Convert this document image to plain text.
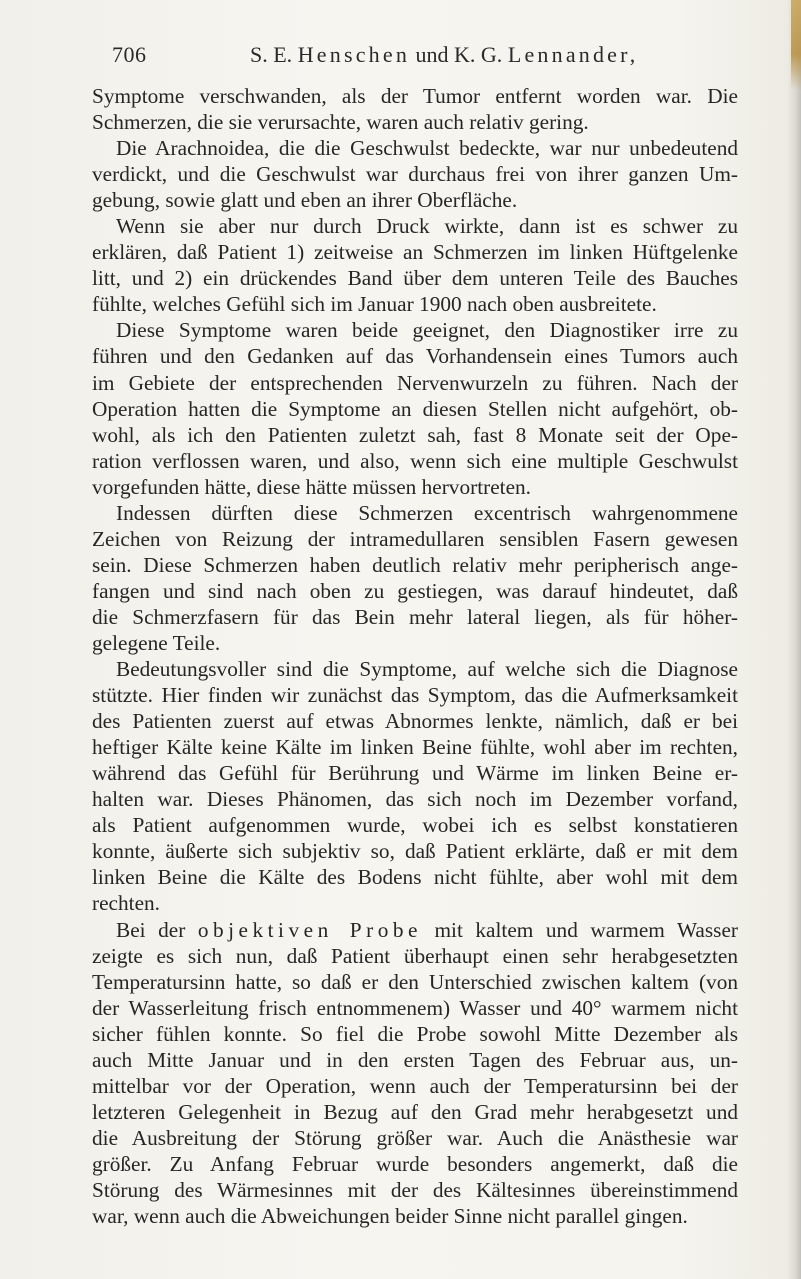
706	S. E. Henschen und K. G. Lennander,
Symptome verschwanden, als der Tumor entfernt worden war. Die
Schmerzen, die sie verursachte, waren auch relativ gering.
Die Arachnoidea, die die Geschwulst bedeckte, war nur unbedeutend
verdickt, und die Geschwulst war durchaus frei von ihrer ganzen Um-
gebung, sowie glatt und eben an ihrer Oberfläche.
Wenn sie aber nur durch Druck wirkte, dann ist es schwer zu
erklären, daß Patient 1) zeitweise an Schmerzen im linken Hüftgelenke
litt, und 2) ein drückendes Band über dem unteren Teile des Bauches
fühlte, welches Gefühl sich im Januar 1900 nach oben ausbreitete.
Diese Symptome waren beide geeignet, den Diagnostiker irre zu
führen und den Gedanken auf das Vorhandensein eines Tumors auch
im Gebiete der entsprechenden Nervenwurzeln zu führen. Nach der
Operation hatten die Symptome an diesen Stellen nicht aufgehört, ob-
wohl, als ich den Patienten zuletzt sah, fast 8 Monate seit der Ope-
ration verflossen waren, und also, wenn sich eine multiple Geschwulst
vorgefunden hätte, diese hätte müssen hervortreten.
Indessen dürften diese Schmerzen excentrisch wahrgenommene
Zeichen von Reizung der intramedullaren sensiblen Fasern gewesen
sein. Diese Schmerzen haben deutlich relativ mehr peripherisch ange-
fangen und sind nach oben zu gestiegen, was darauf hindeutet, daß
die Schmerzfasern für das Bein mehr lateral liegen, als für höher-
gelegene Teile.
Bedeutungsvoller sind die Symptome, auf welche sich die Diagnose
stützte. Hier finden wir zunächst das Symptom, das die Aufmerksamkeit
des Patienten zuerst auf etwas Abnormes lenkte, nämlich, daß er bei
heftiger Kälte keine Kälte im linken Beine fühlte, wohl aber im rechten,
während das Gefühl für Berührung und Wärme im linken Beine er-
halten war. Dieses Phänomen, das sich noch im Dezember vorfand,
als Patient aufgenommen wurde, wobei ich es selbst konstatieren
konnte, äußerte sich subjektiv so, daß Patient erklärte, daß er mit dem
linken Beine die Kälte des Bodens nicht fühlte, aber wohl mit dem
rechten.
Bei der objektiven Probe mit kaltem und warmem Wasser
zeigte es sich nun, daß Patient überhaupt einen sehr herabgesetzten
Temperatursinn hatte, so daß er den Unterschied zwischen kaltem (von
der Wasserleitung frisch entnommenem) Wasser und 40° warmem nicht
sicher fühlen konnte. So fiel die Probe sowohl Mitte Dezember als
auch Mitte Januar und in den ersten Tagen des Februar aus, un-
mittelbar vor der Operation, wenn auch der Temperatursinn bei der
letzteren Gelegenheit in Bezug auf den Grad mehr herabgesetzt und
die Ausbreitung der Störung größer war. Auch die Anästhesie war
größer. Zu Anfang Februar wurde besonders angemerkt, daß die
Störung des Wärmesinnes mit der des Kältesinnes übereinstimmend
war, wenn auch die Abweichungen beider Sinne nicht parallel gingen.
